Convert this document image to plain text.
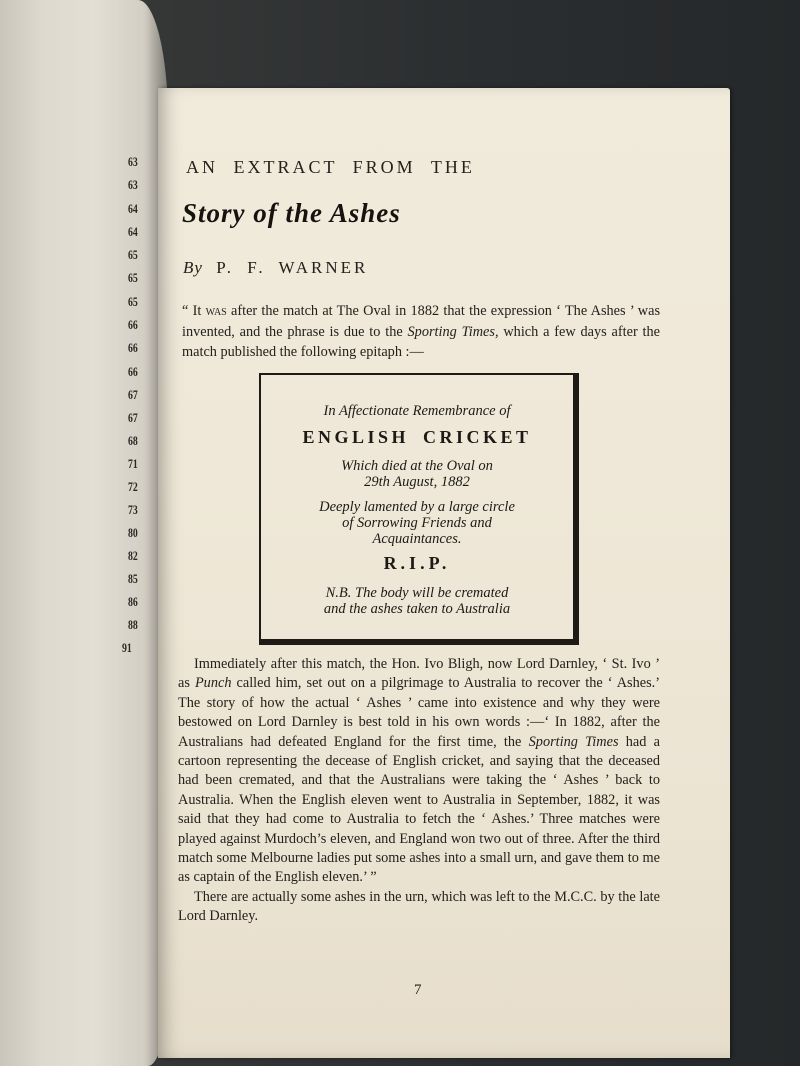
63
63
64
64
65
65
65
66
66
66
67
67
68
71
72
73
80
82
85
86
88
91
AN EXTRACT FROM THE
Story of the Ashes
By P. F. WARNER
“ It was after the match at The Oval in 1882 that the expression ‘ The Ashes ’ was invented, and the phrase is due to the Sporting Times, which a few days after the match published the following epitaph :—
In Affectionate Remembrance of
ENGLISH CRICKET
Which died at the Oval on
29th August, 1882
Deeply lamented by a large circle
of Sorrowing Friends and
Acquaintances.
R.I.P.
N.B. The body will be cremated
and the ashes taken to Australia

Immediately after this match, the Hon. Ivo Bligh, now Lord Darnley, ‘ St. Ivo ’ as Punch called him, set out on a pilgrimage to Australia to recover the ‘ Ashes.’ The story of how the actual ‘ Ashes ’ came into existence and why they were bestowed on Lord Darnley is best told in his own words :—‘ In 1882, after the Australians had defeated England for the first time, the Sporting Times had a cartoon representing the decease of English cricket, and saying that the deceased had been cremated, and that the Australians were taking the ‘ Ashes ’ back to Australia. When the English eleven went to Australia in September, 1882, it was said that they had come to Australia to fetch the ‘ Ashes.’ Three matches were played against Murdoch’s eleven, and England won two out of three. After the third match some Melbourne ladies put some ashes into a small urn, and gave them to me as captain of the English eleven.’ ”

There are actually some ashes in the urn, which was left to the M.C.C. by the late Lord Darnley.

7
